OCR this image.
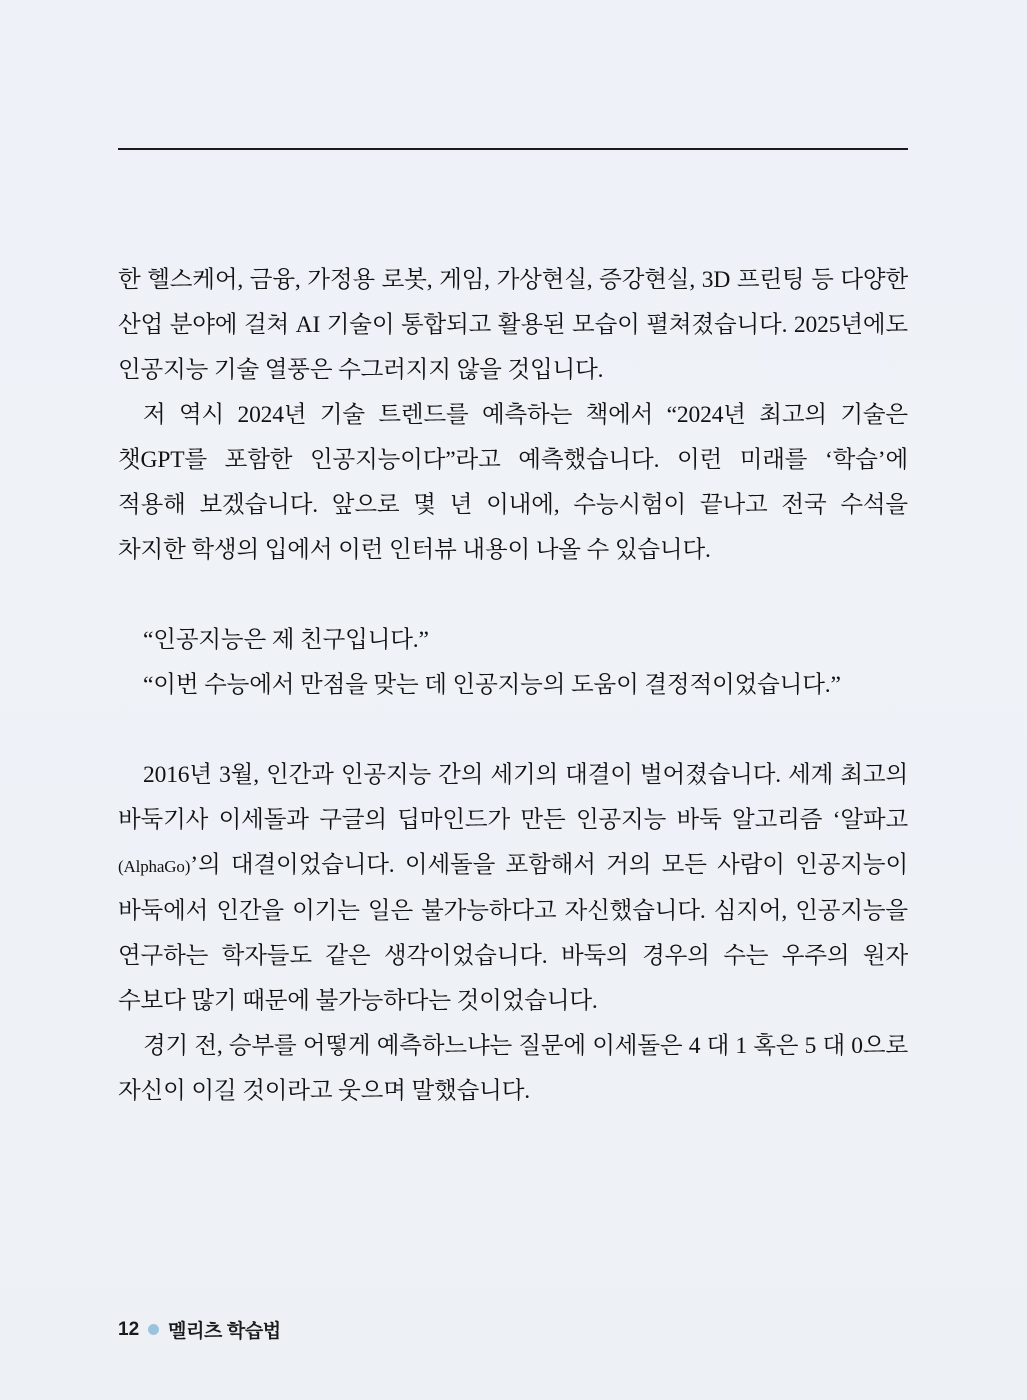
한 헬스케어, 금융, 가정용 로봇, 게임, 가상현실, 증강현실, 3D 프린팅 등 다양한 산업 분야에 걸쳐 AI 기술이 통합되고 활용된 모습이 펼쳐졌습니다. 2025년에도 인공지능 기술 열풍은 수그러지지 않을 것입니다.

저 역시 2024년 기술 트렌드를 예측하는 책에서 “2024년 최고의 기술은 챗GPT를 포함한 인공지능이다”라고 예측했습니다. 이런 미래를 ‘학습’에 적용해 보겠습니다. 앞으로 몇 년 이내에, 수능시험이 끝나고 전국 수석을 차지한 학생의 입에서 이런 인터뷰 내용이 나올 수 있습니다.

“인공지능은 제 친구입니다.”

“이번 수능에서 만점을 맞는 데 인공지능의 도움이 결정적이었습니다.”

2016년 3월, 인간과 인공지능 간의 세기의 대결이 벌어졌습니다. 세계 최고의 바둑기사 이세돌과 구글의 딥마인드가 만든 인공지능 바둑 알고리즘 ‘알파고(AlphaGo)’의 대결이었습니다. 이세돌을 포함해서 거의 모든 사람이 인공지능이 바둑에서 인간을 이기는 일은 불가능하다고 자신했습니다. 심지어, 인공지능을 연구하는 학자들도 같은 생각이었습니다. 바둑의 경우의 수는 우주의 원자 수보다 많기 때문에 불가능하다는 것이었습니다.

경기 전, 승부를 어떻게 예측하느냐는 질문에 이세돌은 4 대 1 혹은 5 대 0으로 자신이 이길 것이라고 웃으며 말했습니다.

12 멜리츠 학습법
